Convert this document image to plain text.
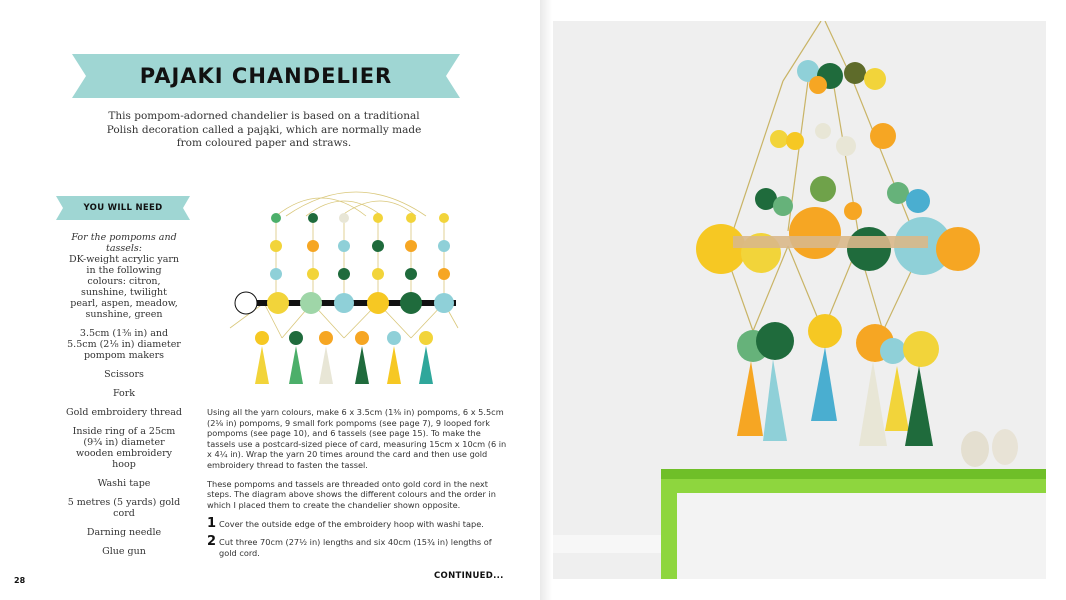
PAJAKI CHANDELIER
This pompom-adorned chandelier is based on a traditional Polish decoration called a pająki, which are normally made from coloured paper and straws.
YOU WILL NEED
For the pompoms and tassels:
DK-weight acrylic yarn in the following colours: citron, sunshine, twilight pearl, aspen, meadow, sunshine, green
3.5cm (1⅜ in) and 5.5cm (2⅛ in) diameter pompom makers
Scissors
Fork
Gold embroidery thread
Inside ring of a 25cm (9¾ in) diameter wooden embroidery hoop
Washi tape
5 metres (5 yards) gold cord
Darning needle
Glue gun

Using all the yarn colours, make 6 x 3.5cm (1⅜ in) pompoms, 6 x 5.5cm (2⅛ in) pompoms, 9 small fork pompoms (see page 7), 9 looped fork pompoms (see page 10), and 6 tassels (see page 15). To make the tassels use a postcard-sized piece of card, measuring 15cm x 10cm (6 in x 4¼ in). Wrap the yarn 20 times around the card and then use gold embroidery thread to fasten the tassel.

These pompoms and tassels are threaded onto gold cord in the next steps. The diagram above shows the different colours and the order in which I placed them to create the chandelier shown opposite.

1 Cover the outside edge of the embroidery hoop with washi tape.
2 Cut three 70cm (27½ in) lengths and six 40cm (15¾ in) lengths of gold cord.
CONTINUED...
28
